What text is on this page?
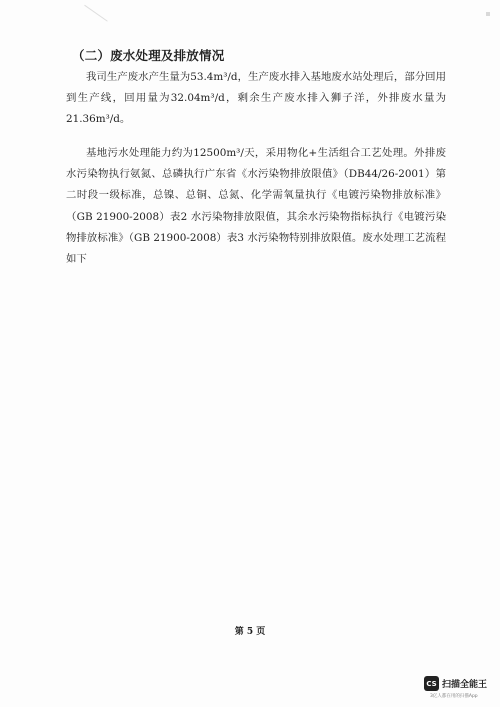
（二）废水处理及排放情况

我司生产废水产生量为53.4m³/d，生产废水排入基地废水站处理后，部分回用到生产线，回用量为32.04m³/d，剩余生产废水排入狮子洋，外排废水量为21.36m³/d。

基地污水处理能力约为12500m³/天，采用物化+生活组合工艺处理。外排废水污染物执行氨氮、总磷执行广东省《水污染物排放限值》（DB44/26-2001）第二时段一级标准，总镍、总铜、总氮、化学需氧量执行《电镀污染物排放标准》（GB 21900-2008）表2 水污染物排放限值，其余水污染物指标执行《电镀污染物排放标准》（GB 21900-2008）表3 水污染物特别排放限值。废水处理工艺流程如下

第 5 页
CS 扫描全能王
3亿人都在用的扫描App
